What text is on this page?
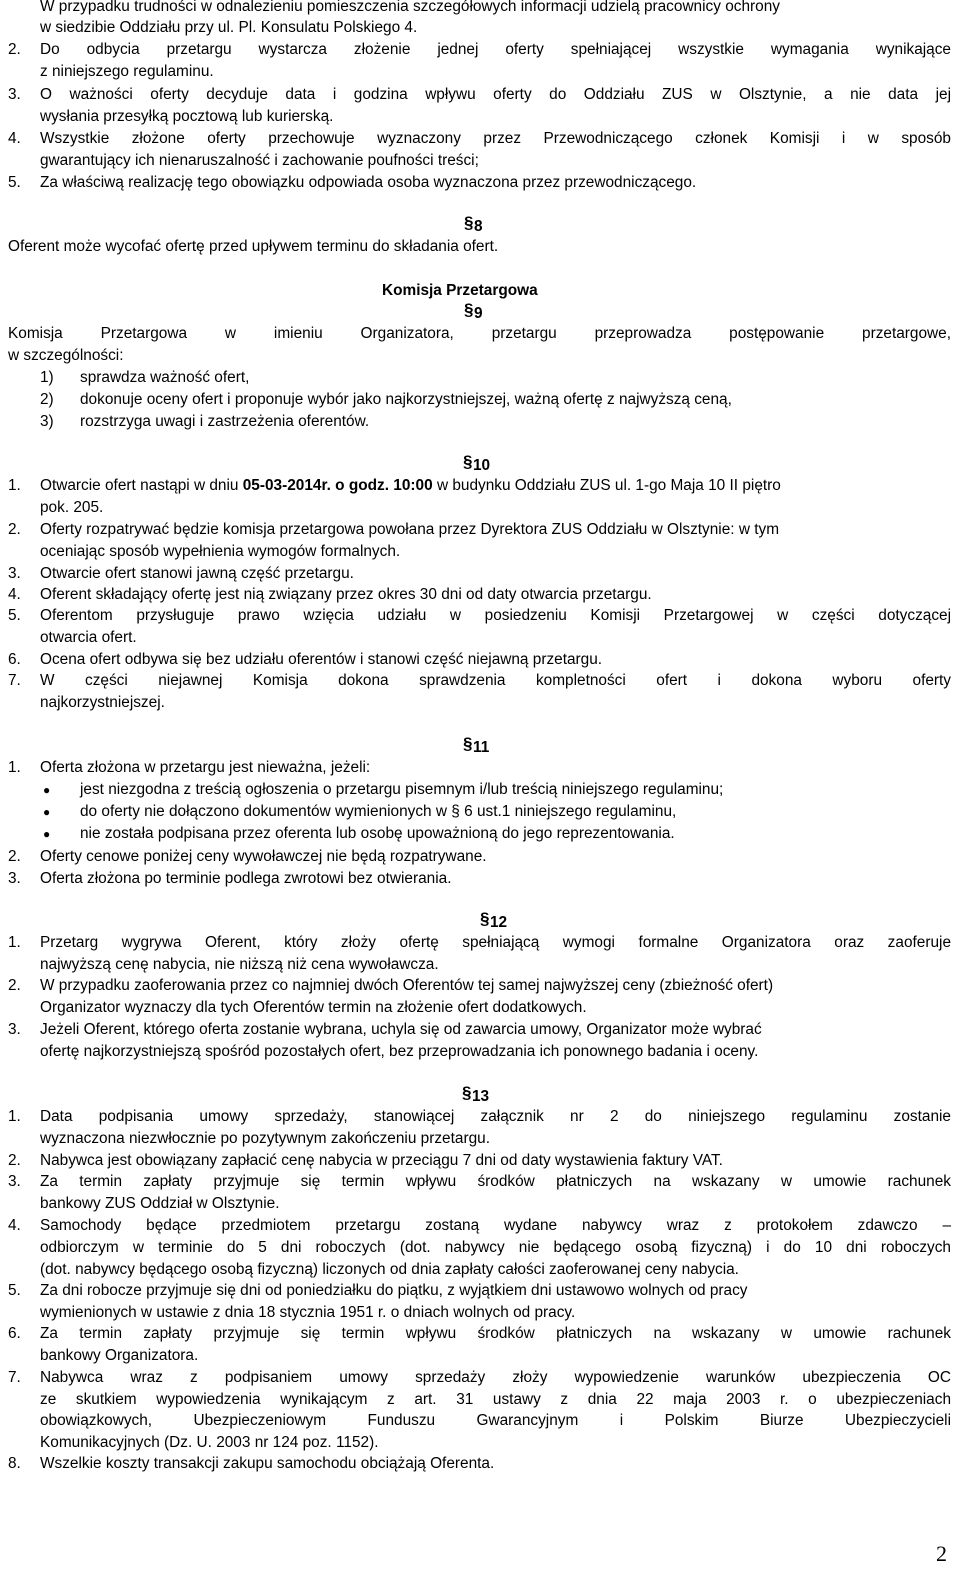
W przypadku trudności w odnalezieniu pomieszczenia szczegółowych informacji udzielą pracownicy ochrony
w siedzibie Oddziału przy ul. Pl. Konsulatu Polskiego 4.
2. Do odbycia przetargu wystarcza złożenie jednej oferty spełniającej wszystkie wymagania wynikające
z niniejszego regulaminu.
3. O ważności oferty decyduje data i godzina wpływu oferty do Oddziału ZUS w Olsztynie, a nie data jej
wysłania przesyłką pocztową lub kurierską.
4. Wszystkie złożone oferty przechowuje wyznaczony przez Przewodniczącego członek Komisji i w sposób
gwarantujący ich nienaruszalność i zachowanie poufności treści;
5. Za właściwą realizację tego obowiązku odpowiada osoba wyznaczona przez przewodniczącego.
§ 8
Oferent może wycofać ofertę przed upływem terminu do składania ofert.
Komisja Przetargowa
§ 9
Komisja Przetargowa w imieniu Organizatora, przetargu przeprowadza postępowanie przetargowe,
w szczególności:
1) sprawdza ważność ofert,
2) dokonuje oceny ofert i proponuje wybór jako najkorzystniejszej, ważną ofertę z najwyższą ceną,
3) rozstrzyga uwagi i zastrzeżenia oferentów.
§ 10
1. Otwarcie ofert nastąpi w dniu 05-03-2014r. o godz. 10:00 w budynku Oddziału ZUS ul. 1-go Maja 10 II piętro
pok. 205.
2. Oferty rozpatrywać będzie komisja przetargowa powołana przez Dyrektora ZUS Oddziału w Olsztynie: w tym
oceniając sposób wypełnienia wymogów formalnych.
3. Otwarcie ofert stanowi jawną część przetargu.
4. Oferent składający ofertę jest nią związany przez okres 30 dni od daty otwarcia przetargu.
5. Oferentom przysługuje prawo wzięcia udziału w posiedzeniu Komisji Przetargowej w części dotyczącej
otwarcia ofert.
6. Ocena ofert odbywa się bez udziału oferentów i stanowi część niejawną przetargu.
7. W części niejawnej Komisja dokona sprawdzenia kompletności ofert i dokona wyboru oferty
najkorzystniejszej.
§ 11
1. Oferta złożona w przetargu jest nieważna, jeżeli:
● jest niezgodna z treścią ogłoszenia o przetargu pisemnym i/lub treścią niniejszego regulaminu;
● do oferty nie dołączono dokumentów wymienionych w § 6 ust.1 niniejszego regulaminu,
● nie została podpisana przez oferenta lub osobę upoważnioną do jego reprezentowania.
2. Oferty cenowe poniżej ceny wywoławczej nie będą rozpatrywane.
3. Oferta złożona po terminie podlega zwrotowi bez otwierania.
§ 12
1. Przetarg wygrywa Oferent, który złoży ofertę spełniającą wymogi formalne Organizatora oraz zaoferuje
najwyższą cenę nabycia, nie niższą niż cena wywoławcza.
2. W przypadku zaoferowania przez co najmniej dwóch Oferentów tej samej najwyższej ceny (zbieżność ofert)
Organizator wyznaczy dla tych Oferentów termin na złożenie ofert dodatkowych.
3. Jeżeli Oferent, którego oferta zostanie wybrana, uchyla się od zawarcia umowy, Organizator może wybrać
ofertę najkorzystniejszą spośród pozostałych ofert, bez przeprowadzania ich ponownego badania i oceny.
§ 13
1. Data podpisania umowy sprzedaży, stanowiącej załącznik nr 2 do niniejszego regulaminu zostanie
wyznaczona niezwłocznie po pozytywnym zakończeniu przetargu.
2. Nabywca jest obowiązany zapłacić cenę nabycia w przeciągu 7 dni od daty wystawienia faktury VAT.
3. Za termin zapłaty przyjmuje się termin wpływu środków płatniczych na wskazany w umowie rachunek
bankowy ZUS Oddział w Olsztynie.
4. Samochody będące przedmiotem przetargu zostaną wydane nabywcy wraz z protokołem zdawczo –
odbiorczym w terminie do 5 dni roboczych (dot. nabywcy nie będącego osobą fizyczną) i do 10 dni roboczych
(dot. nabywcy będącego osobą fizyczną) liczonych od dnia zapłaty całości zaoferowanej ceny nabycia.
5. Za dni robocze przyjmuje się dni od poniedziałku do piątku, z wyjątkiem dni ustawowo wolnych od pracy
wymienionych w ustawie z dnia 18 stycznia 1951 r. o dniach wolnych od pracy.
6. Za termin zapłaty przyjmuje się termin wpływu środków płatniczych na wskazany w umowie rachunek
bankowy Organizatora.
7. Nabywca wraz z podpisaniem umowy sprzedaży złoży wypowiedzenie warunków ubezpieczenia OC
ze skutkiem wypowiedzenia wynikającym z art. 31 ustawy z dnia 22 maja 2003 r. o ubezpieczeniach
obowiązkowych, Ubezpieczeniowym Funduszu Gwarancyjnym i Polskim Biurze Ubezpieczycieli
Komunikacyjnych (Dz. U. 2003 nr 124 poz. 1152).
8. Wszelkie koszty transakcji zakupu samochodu obciążają Oferenta.
2
